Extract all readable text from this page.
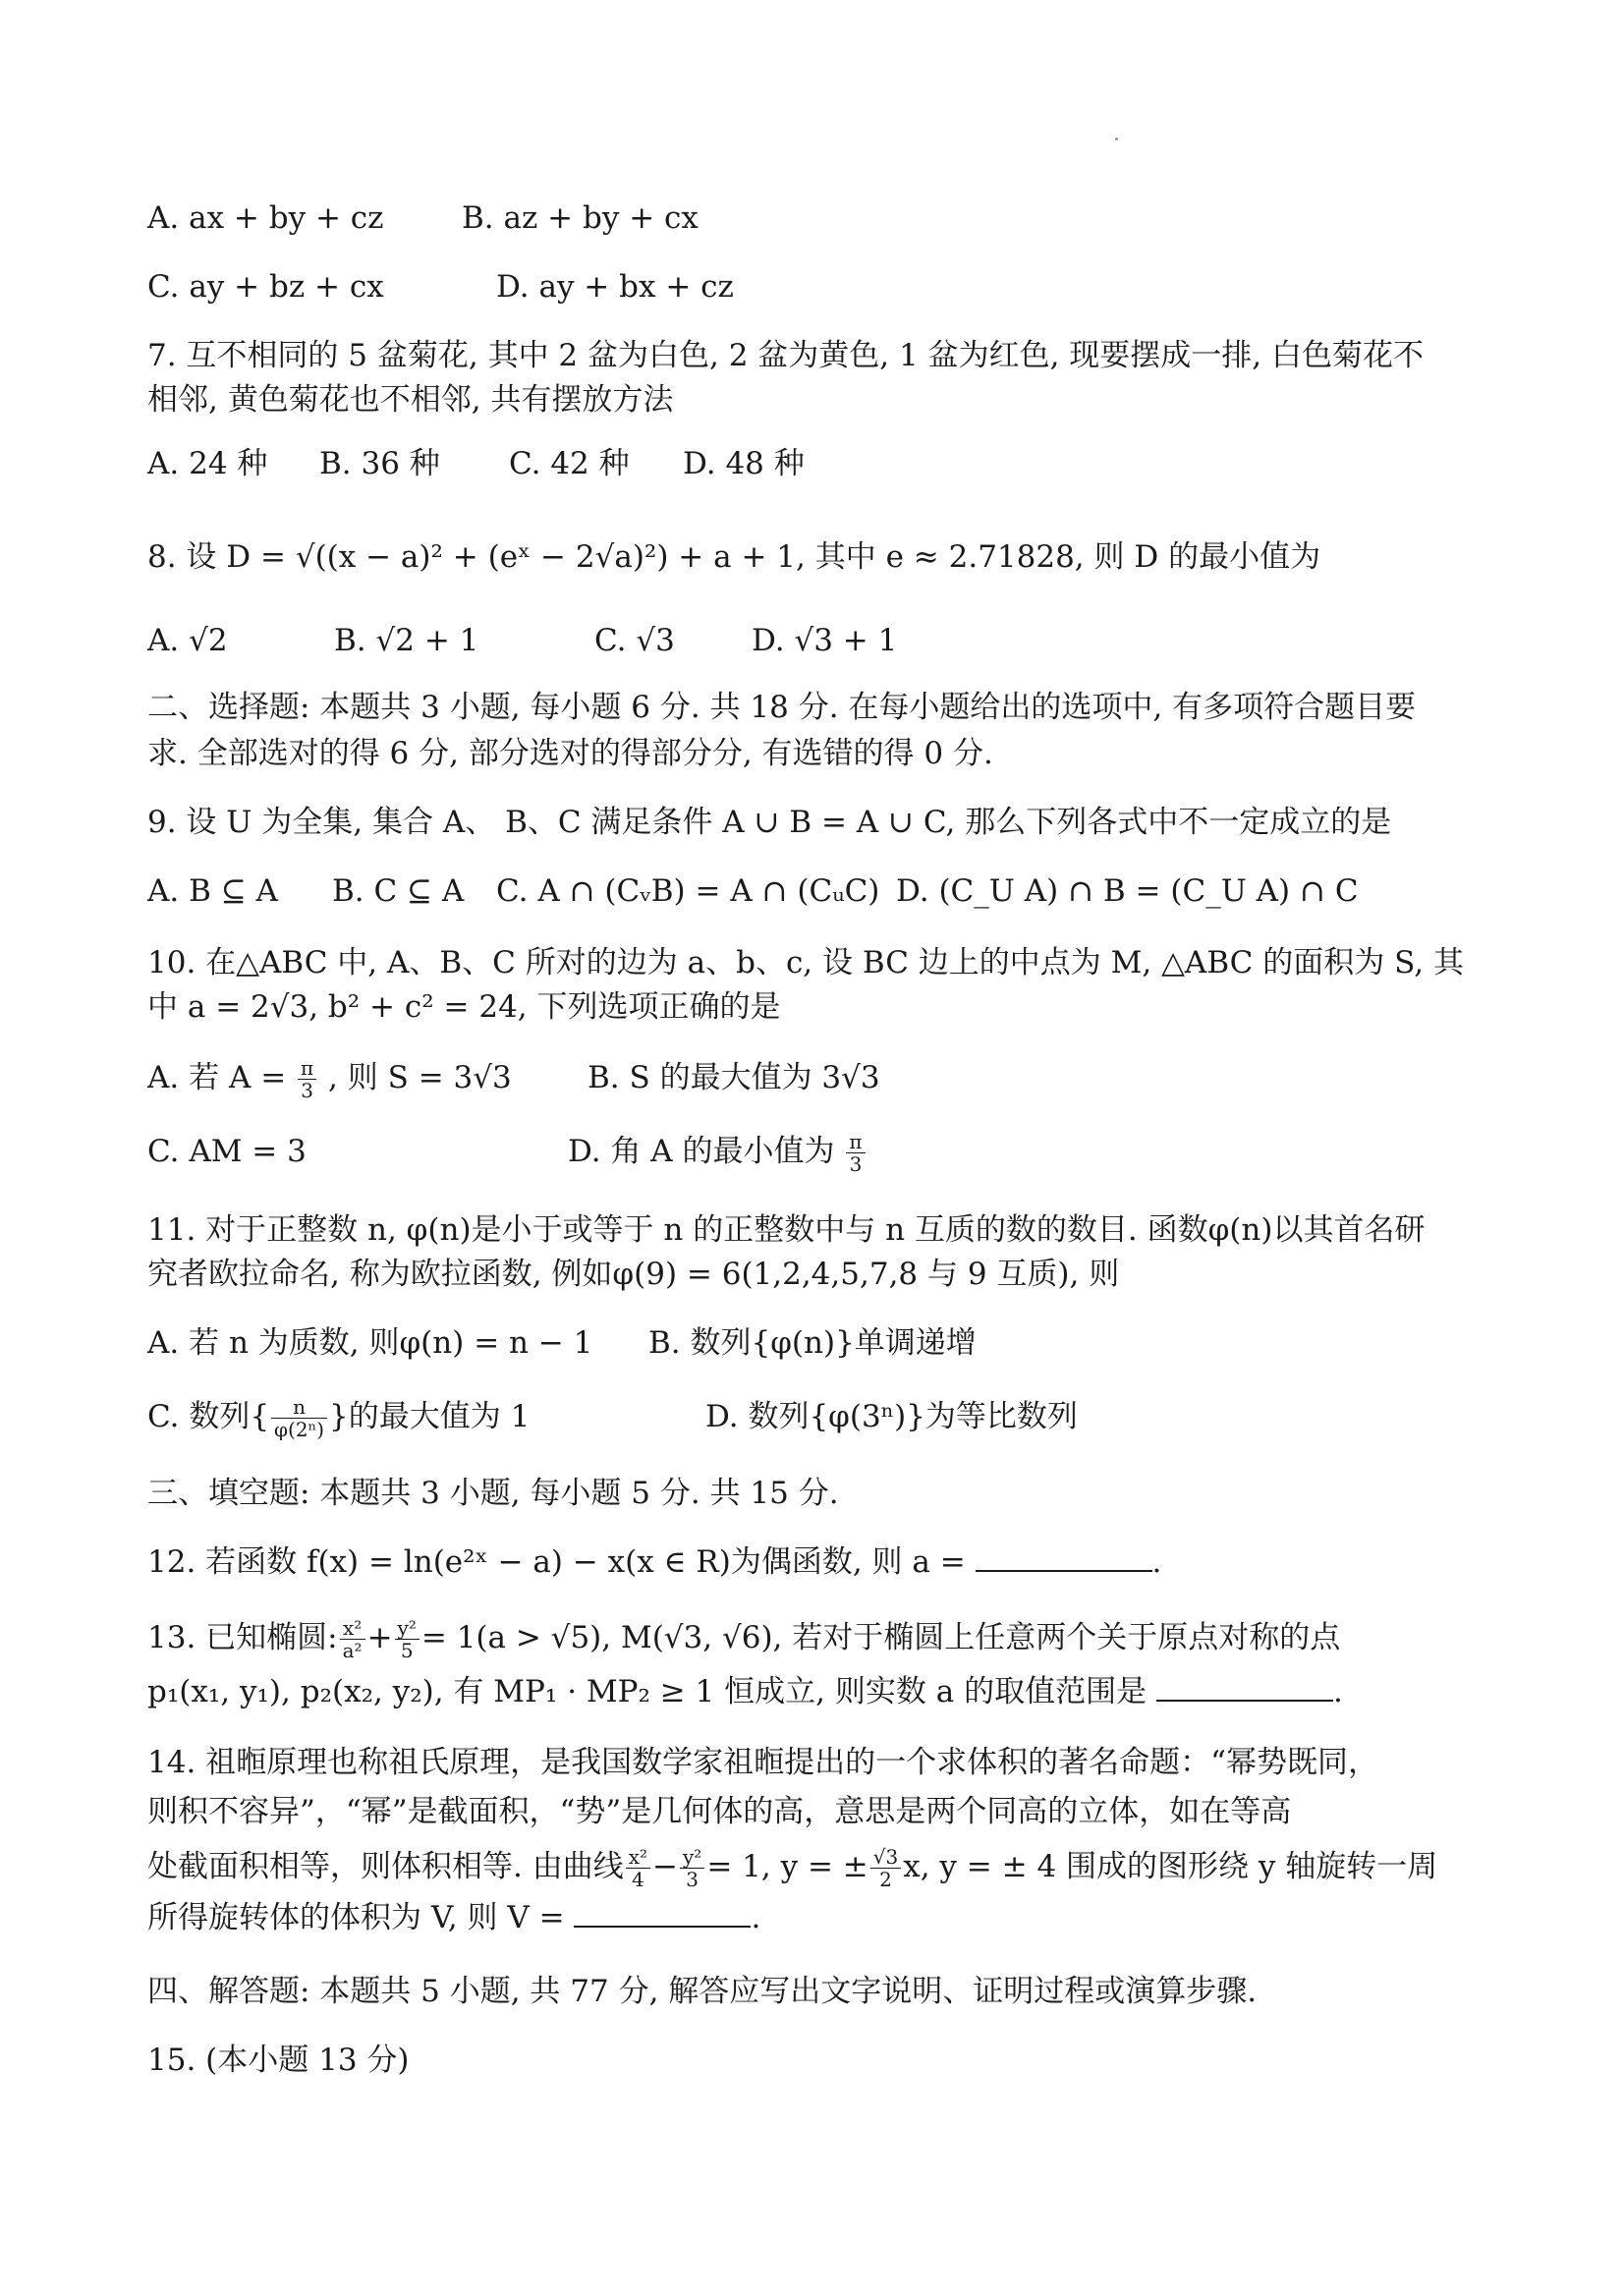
A. ax + by + cz	B. az + by + cx
C. ay + bz + cx	D. ay + bx + cz
7. 互不相同的 5 盆菊花, 其中 2 盆为白色, 2 盆为黄色, 1 盆为红色, 现要摆成一排, 白色菊花不
相邻, 黄色菊花也不相邻, 共有摆放方法
A. 24 种 B. 36 种 C. 42 种 D. 48 种
8. 设 D = √((x − a)² + (eˣ − 2√a)²) + a + 1, 其中 e ≈ 2.71828, 则 D 的最小值为
A. √2	B. √2 + 1	C. √3	D. √3 + 1
二、选择题: 本题共 3 小题, 每小题 6 分. 共 18 分. 在每小题给出的选项中, 有多项符合题目要
求. 全部选对的得 6 分, 部分选对的得部分分, 有选错的得 0 分.
9. 设 U 为全集, 集合 A、 B、C 满足条件 A ∪ B = A ∪ C, 那么下列各式中不一定成立的是
A. B ⊆ A B. C ⊆ A C. A ∩ (CᵥB) = A ∩ (CᵤC) D. (C_U A) ∩ B = (C_U A) ∩ C
10. 在△ABC 中, A、B、C 所对的边为 a、b、c, 设 BC 边上的中点为 M, △ABC 的面积为 S, 其
中 a = 2√3, b² + c² = 24, 下列选项正确的是
A. 若 $A = \frac{\pi}{3}$ , 则 S = 3√3 B. S 的最大值为 3√3
C. AM = 3	D. 角 A 的最小值为 $\frac{\pi}{3}$
11. 对于正整数 n, φ(n)是小于或等于 n 的正整数中与 n 互质的数的数目. 函数φ(n)以其首名研
究者欧拉命名, 称为欧拉函数, 例如φ(9) = 6(1,2,4,5,7,8 与 9 互质), 则
A. 若 n 为质数, 则φ(n) = n − 1 B. 数列{φ(n)}单调递增
C. 数列{ $\frac{n}{\text{φ(2ⁿ)}}$ }的最大值为 1	D. 数列{φ(3ⁿ)}为等比数列
三、填空题: 本题共 3 小题, 每小题 5 分. 共 15 分.
12. 若函数 f(x) = ln(e²ˣ − a) − x(x ∈ R)为偶函数, 则 a =	.
13. 已知椭圆: $\frac{\text{x²}}{\text{a²}} + \frac{\text{y²}}{5} = 1(a > √5)$, M(√3, √6), 若对于椭圆上任意两个关于原点对称的点
p₁(x₁, y₁), p₂(x₂, y₂), 有 MP₁ · MP₂ ≥ 1 恒成立, 则实数 a 的取值范围是	.
14. 祖暅原理也称祖氏原理，是我国数学家祖暅提出的一个求体积的著名命题：“幂势既同，
则积不容异”，“幂”是截面积，“势”是几何体的高，意思是两个同高的立体，如在等高
处截面积相等，则体积相等. 由曲线 $\frac{\text{x²}}{4} - \frac{\text{y²}}{3} = 1$, y = ± $\frac{√3}{2} x$, y = ± 4 围成的图形绕 y 轴旋转一周
所得旋转体的体积为 V, 则 V =	.
四、解答题: 本题共 5 小题, 共 77 分, 解答应写出文字说明、证明过程或演算步骤.
15. (本小题 13 分)
